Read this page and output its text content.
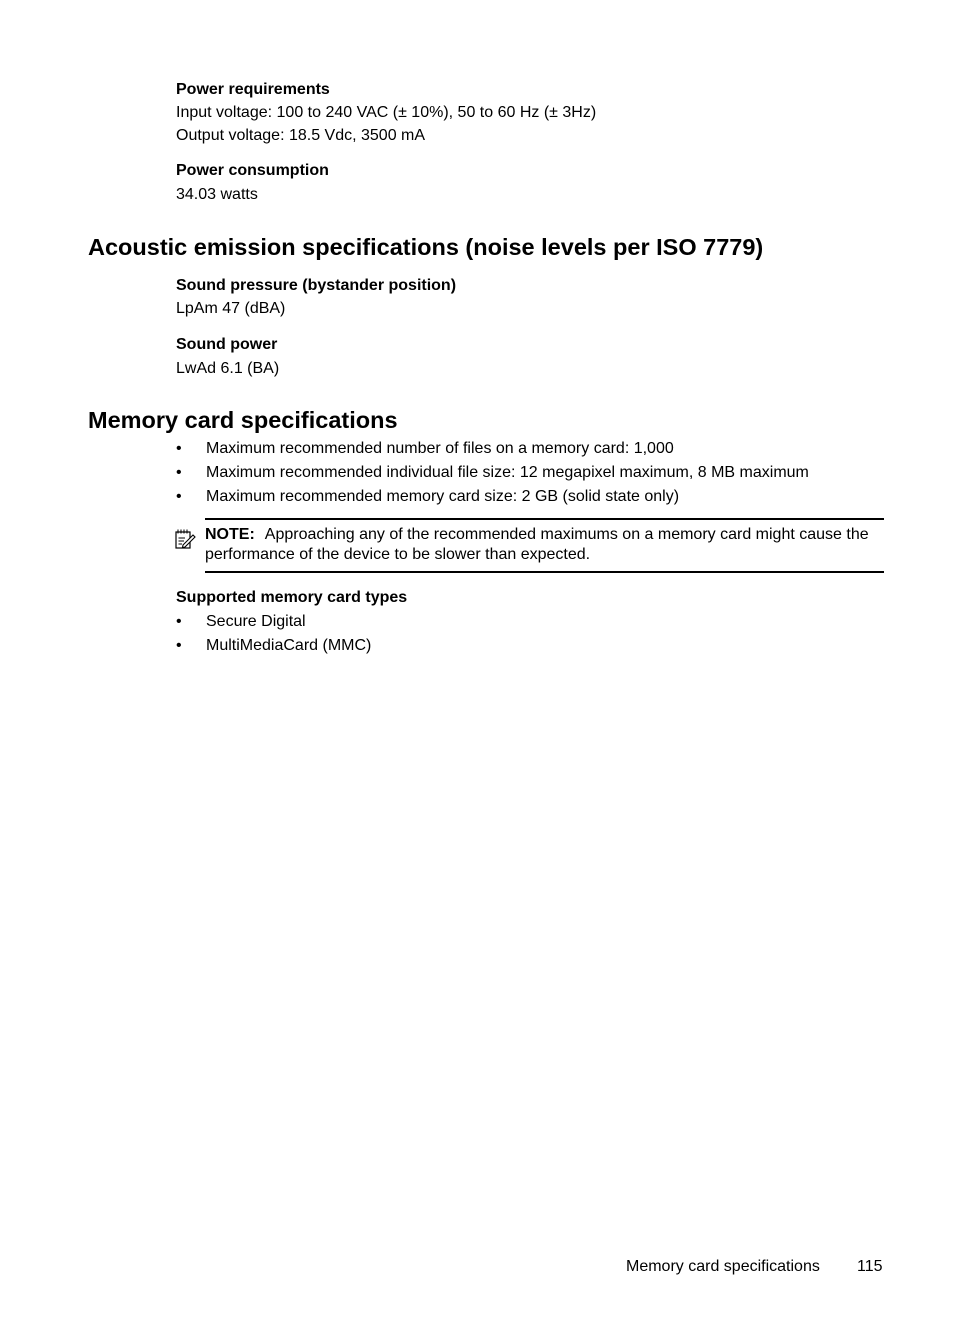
Power requirements
Input voltage: 100 to 240 VAC (± 10%), 50 to 60 Hz (± 3Hz)
Output voltage: 18.5 Vdc, 3500 mA
Power consumption
34.03 watts
Acoustic emission specifications (noise levels per ISO 7779)
Sound pressure (bystander position)
LpAm 47 (dBA)
Sound power
LwAd 6.1 (BA)
Memory card specifications
• Maximum recommended number of files on a memory card: 1,000
• Maximum recommended individual file size: 12 megapixel maximum, 8 MB maximum
• Maximum recommended memory card size: 2 GB (solid state only)
NOTE: Approaching any of the recommended maximums on a memory card might cause the performance of the device to be slower than expected.
Supported memory card types
• Secure Digital
• MultiMediaCard (MMC)
Memory card specifications 115
